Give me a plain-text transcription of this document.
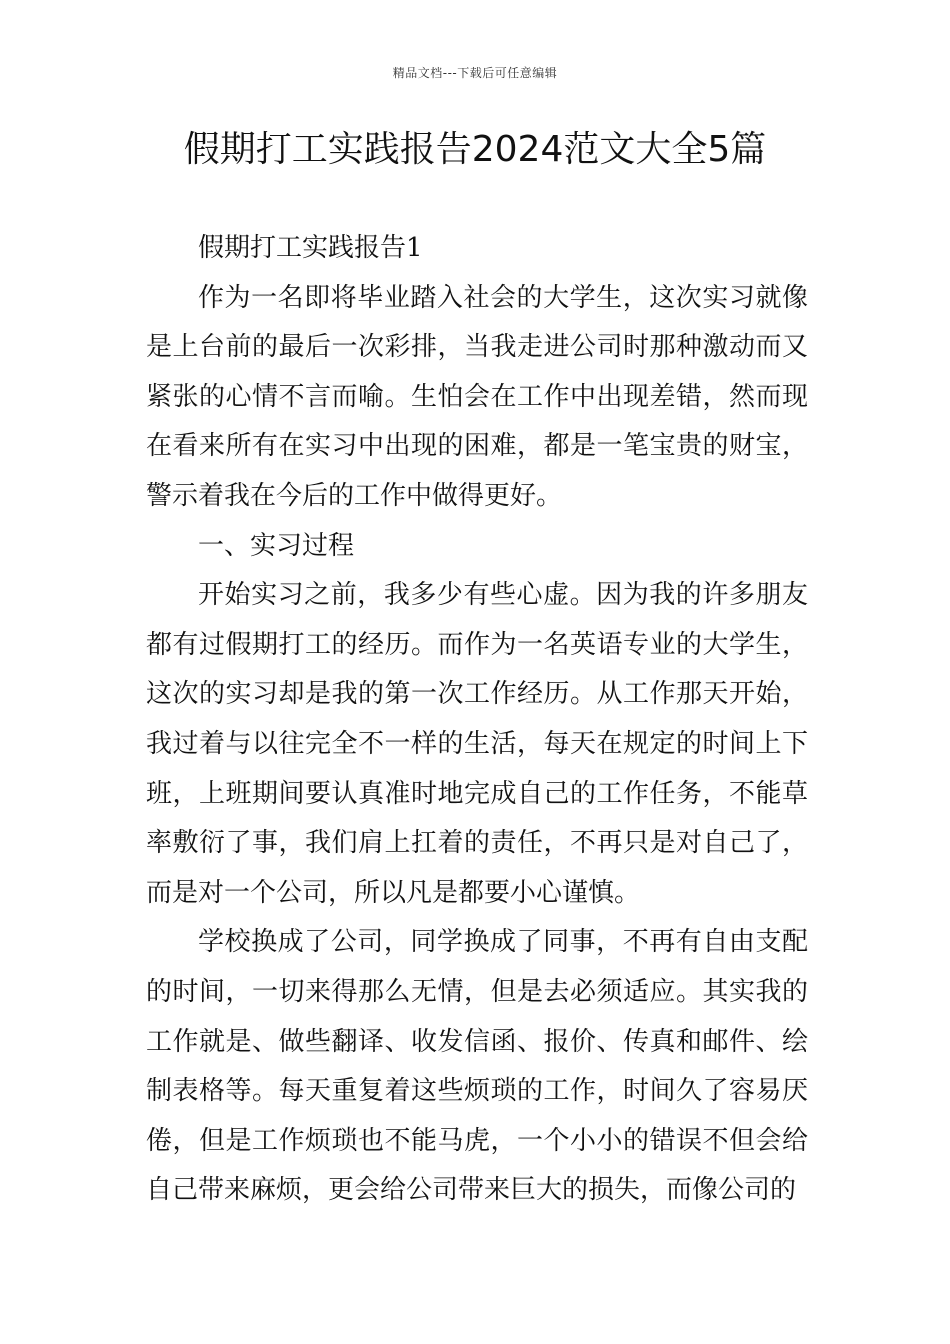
精品文档---下载后可任意编辑
假期打工实践报告2024范文大全5篇

假期打工实践报告1

作为一名即将毕业踏入社会的大学生，这次实习就像是上台前的最后一次彩排，当我走进公司时那种激动而又紧张的心情不言而喻。生怕会在工作中出现差错，然而现在看来所有在实习中出现的困难，都是一笔宝贵的财宝，警示着我在今后的工作中做得更好。

一、实习过程

开始实习之前，我多少有些心虚。因为我的许多朋友都有过假期打工的经历。而作为一名英语专业的大学生，这次的实习却是我的第一次工作经历。从工作那天开始，我过着与以往完全不一样的生活，每天在规定的时间上下班，上班期间要认真准时地完成自己的工作任务，不能草率敷衍了事，我们肩上扛着的责任，不再只是对自己了，而是对一个公司，所以凡是都要小心谨慎。

学校换成了公司，同学换成了同事，不再有自由支配的时间，一切来得那么无情，但是去必须适应。其实我的工作就是、做些翻译、收发信函、报价、传真和邮件、绘制表格等。每天重复着这些烦琐的工作，时间久了容易厌倦，但是工作烦琐也不能马虎，一个小小的错误不但会给自己带来麻烦，更会给公司带来巨大的损失，而像公司的
